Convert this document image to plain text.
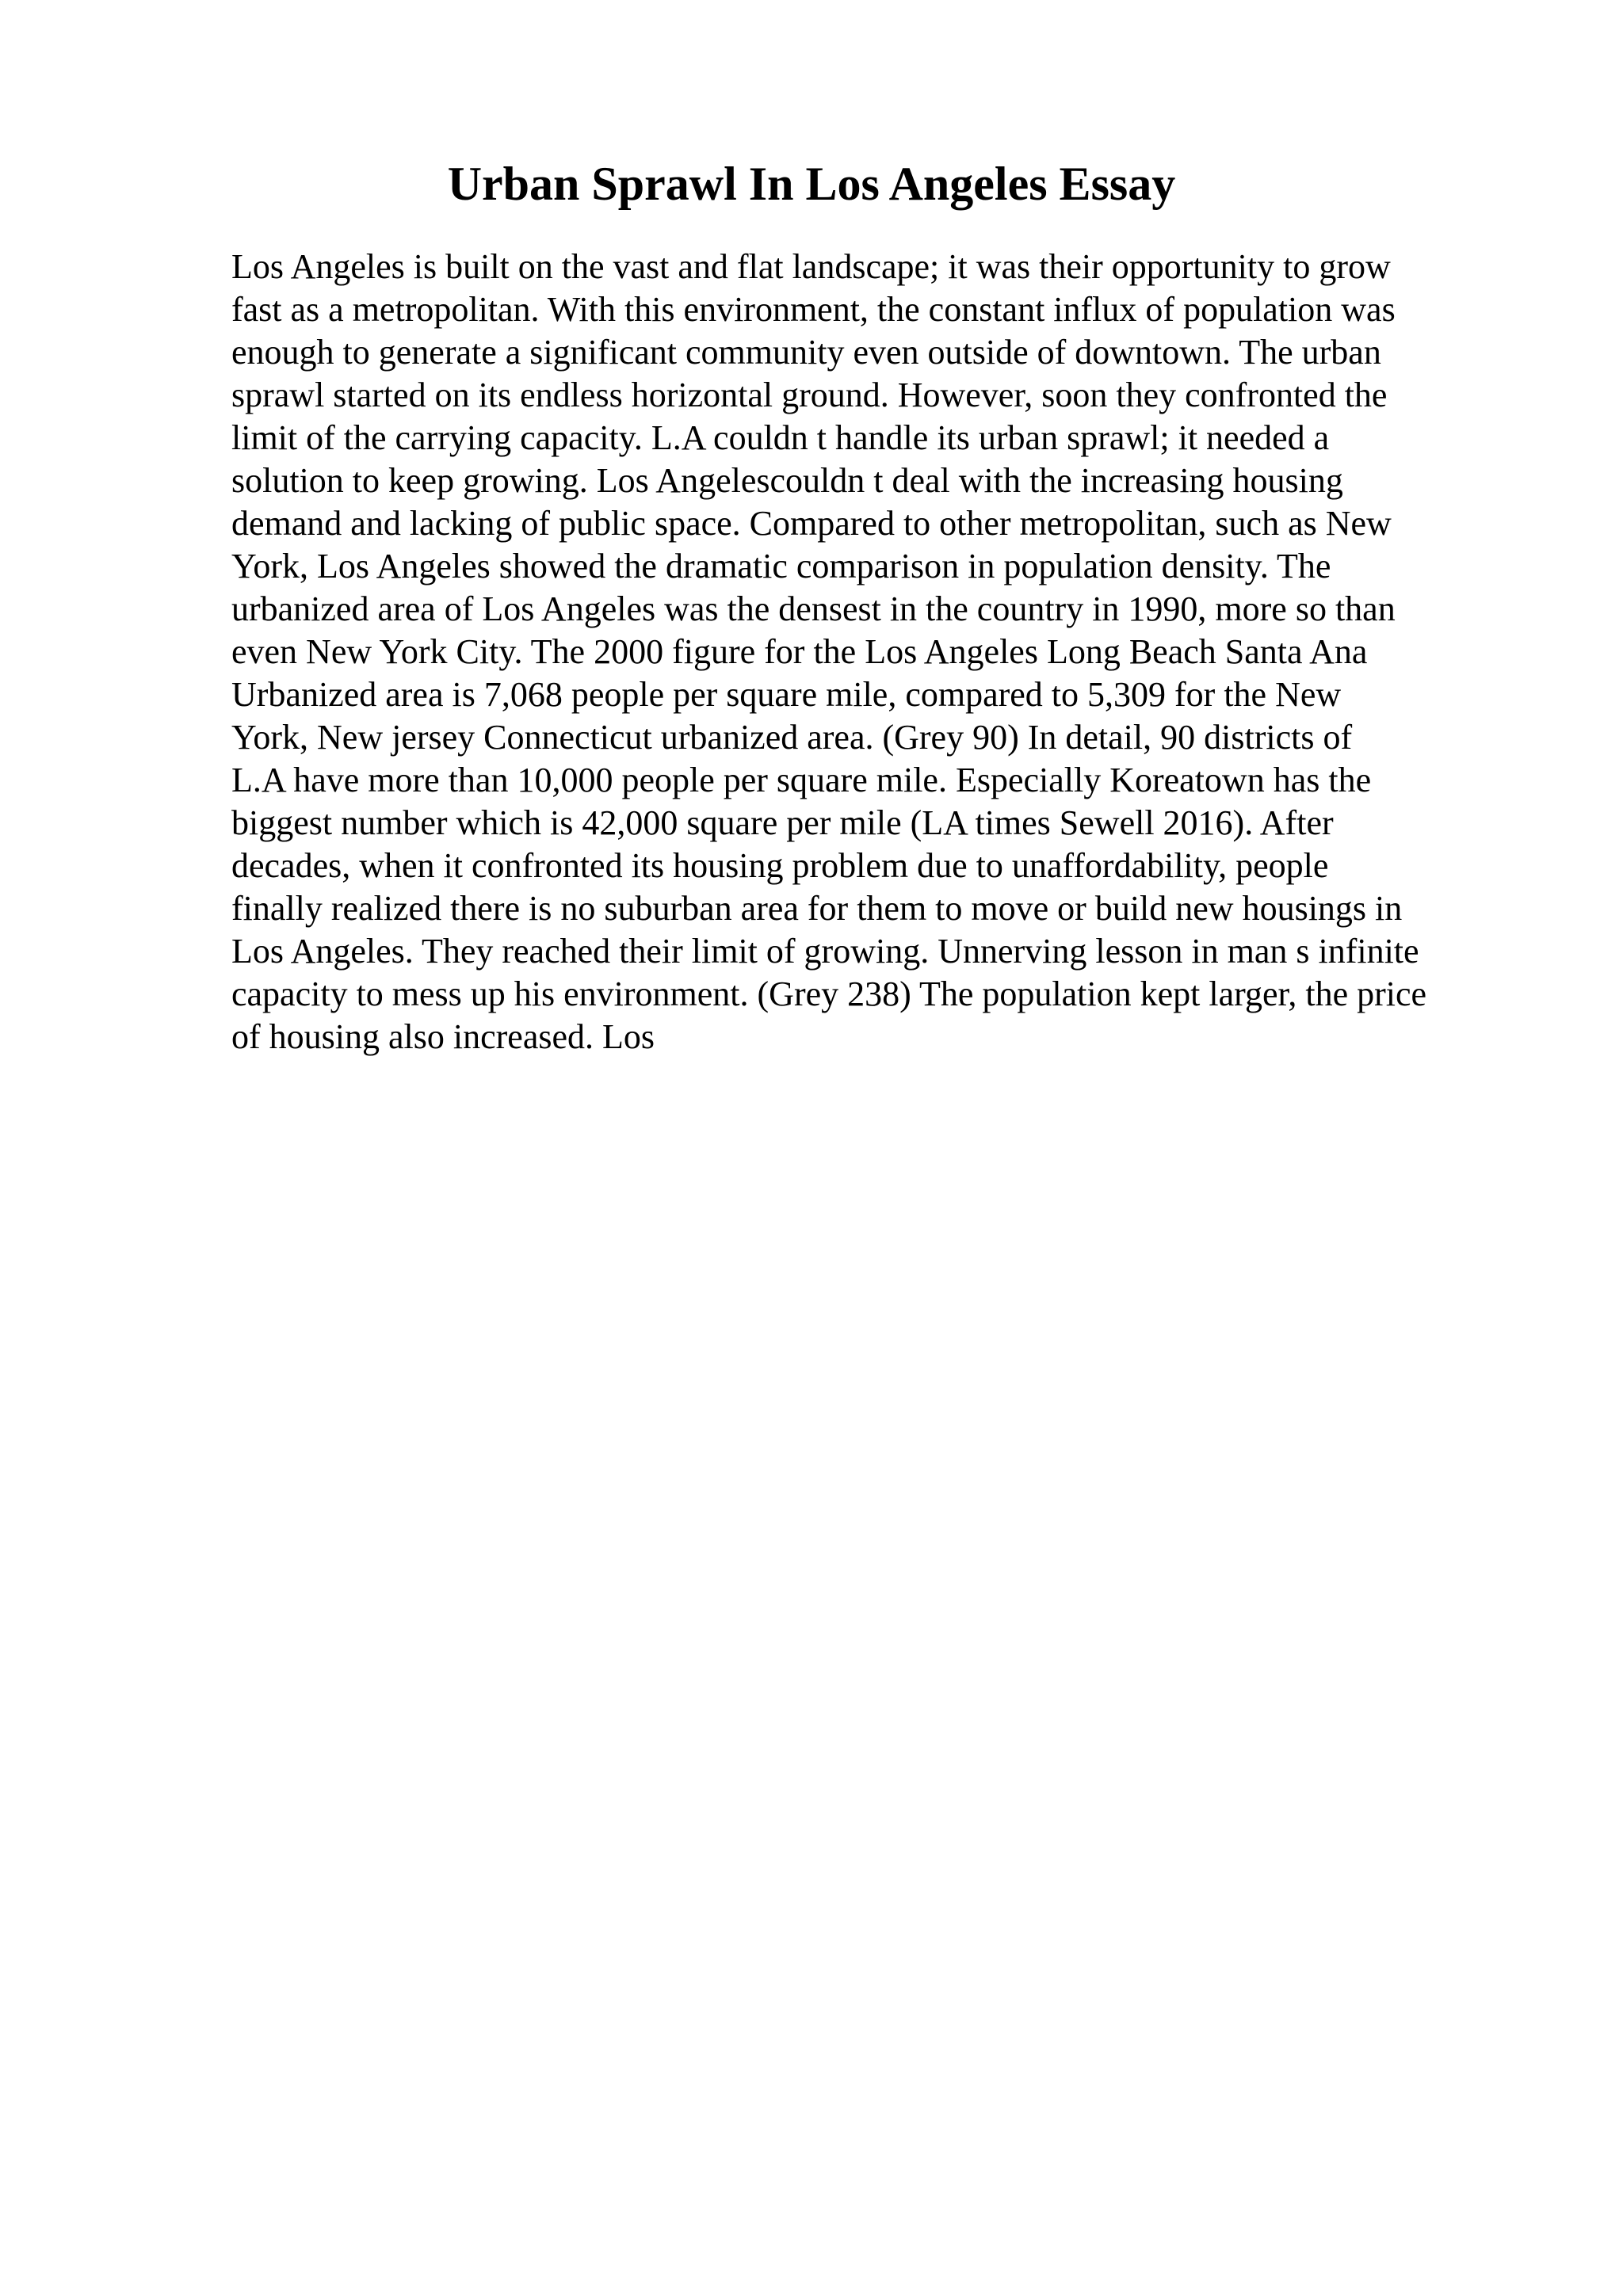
Urban Sprawl In Los Angeles Essay
Los Angeles is built on the vast and flat landscape; it was their opportunity to grow
fast as a metropolitan. With this environment, the constant influx of population was
enough to generate a significant community even outside of downtown. The urban
sprawl started on its endless horizontal ground. However, soon they confronted the
limit of the carrying capacity. L.A couldn t handle its urban sprawl; it needed a
solution to keep growing. Los Angelescouldn t deal with the increasing housing
demand and lacking of public space. Compared to other metropolitan, such as New
York, Los Angeles showed the dramatic comparison in population density. The
urbanized area of Los Angeles was the densest in the country in 1990, more so than
even New York City. The 2000 figure for the Los Angeles Long Beach Santa Ana
Urbanized area is 7,068 people per square mile, compared to 5,309 for the New
York, New jersey Connecticut urbanized area. (Grey 90) In detail, 90 districts of
L.A have more than 10,000 people per square mile. Especially Koreatown has the
biggest number which is 42,000 square per mile (LA times Sewell 2016). After
decades, when it confronted its housing problem due to unaffordability, people
finally realized there is no suburban area for them to move or build new housings in
Los Angeles. They reached their limit of growing. Unnerving lesson in man s infinite
capacity to mess up his environment. (Grey 238) The population kept larger, the price
of housing also increased. Los
